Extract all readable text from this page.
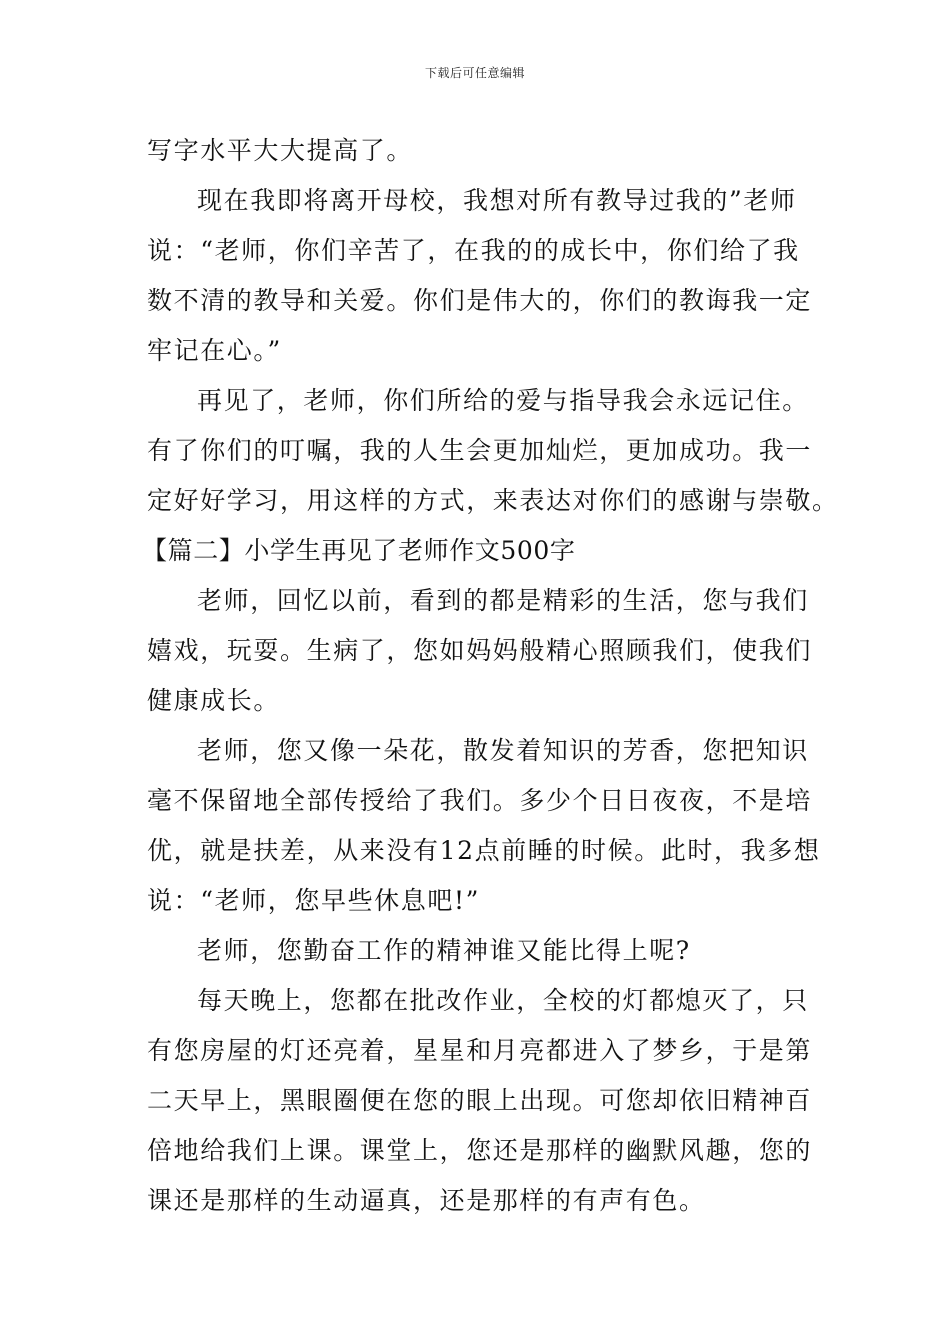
下载后可任意编辑
写字水平大大提高了。
现在我即将离开母校，我想对所有教导过我的”老师
说：“老师，你们辛苦了，在我的的成长中，你们给了我
数不清的教导和关爱。你们是伟大的，你们的教诲我一定
牢记在心。”
再见了，老师，你们所给的爱与指导我会永远记住。
有了你们的叮嘱，我的人生会更加灿烂，更加成功。我一
定好好学习，用这样的方式，来表达对你们的感谢与崇敬。
【篇二】小学生再见了老师作文500字
老师，回忆以前，看到的都是精彩的生活，您与我们
嬉戏，玩耍。生病了，您如妈妈般精心照顾我们，使我们
健康成长。
老师，您又像一朵花，散发着知识的芳香，您把知识
毫不保留地全部传授给了我们。多少个日日夜夜，不是培
优，就是扶差，从来没有12点前睡的时候。此时，我多想
说：“老师，您早些休息吧!”
老师，您勤奋工作的精神谁又能比得上呢?
每天晚上，您都在批改作业，全校的灯都熄灭了，只
有您房屋的灯还亮着，星星和月亮都进入了梦乡，于是第
二天早上，黑眼圈便在您的眼上出现。可您却依旧精神百
倍地给我们上课。课堂上，您还是那样的幽默风趣，您的
课还是那样的生动逼真，还是那样的有声有色。
